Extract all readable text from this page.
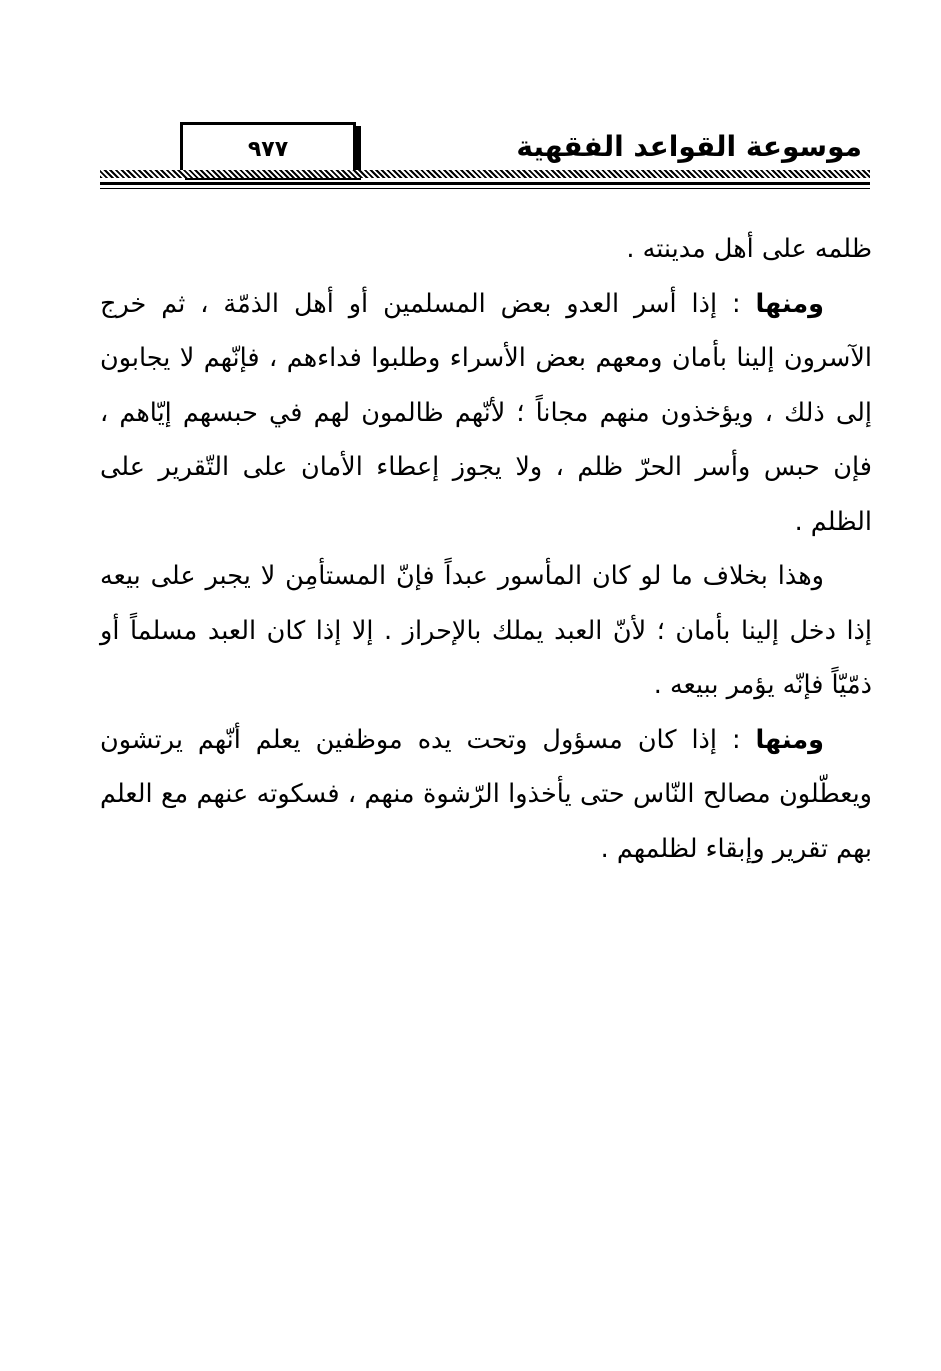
٩٧٧	موسوعة القواعد الفقهية

ظلمه على أهل مدينته .

ومنها : إذا أسر العدو بعض المسلمين أو أهل الذمّة ، ثم خرج الآسرون إلينا بأمان ومعهم بعض الأسراء وطلبوا فداءهم ، فإنّهم لا يجابون إلى ذلك ، ويؤخذون منهم مجاناً ؛ لأنّهم ظالمون لهم في حبسهم إيّاهم ، فإن حبس وأسر الحرّ ظلم ، ولا يجوز إعطاء الأمان على التّقرير على الظلم .

وهذا بخلاف ما لو كان المأسور عبداً فإنّ المستأمِن لا يجبر على بيعه إذا دخل إلينا بأمان ؛ لأنّ العبد يملك بالإحراز . إلا إذا كان العبد مسلماً أو ذمّيّاً فإنّه يؤمر ببيعه .

ومنها : إذا كان مسؤول وتحت يده موظفين يعلم أنّهم يرتشون ويعطّلون مصالح النّاس حتى يأخذوا الرّشوة منهم ، فسكوته عنهم مع العلم بهم تقرير وإبقاء لظلمهم .
